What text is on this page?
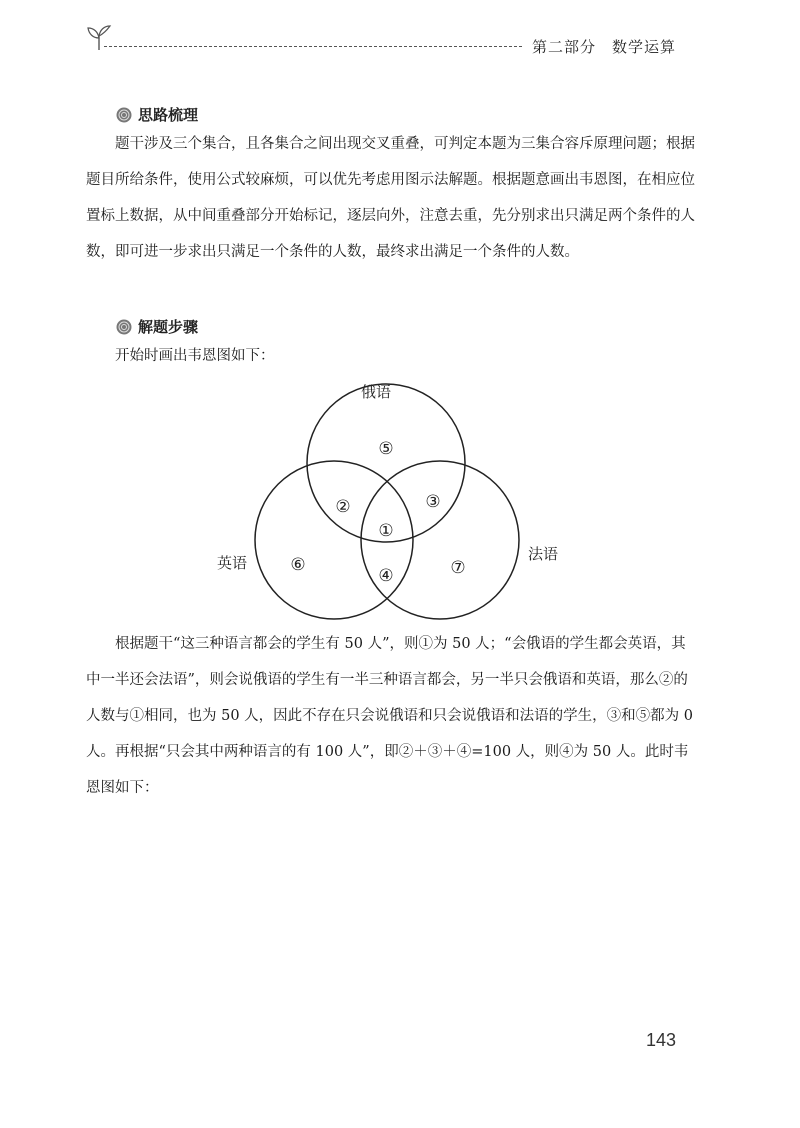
第二部分　数学运算
思路梳理

题干涉及三个集合，且各集合之间出现交叉重叠，可判定本题为三集合容斥原理问题；根据题目所给条件，使用公式较麻烦，可以优先考虑用图示法解题。根据题意画出韦恩图，在相应位置标上数据，从中间重叠部分开始标记，逐层向外，注意去重，先分别求出只满足两个条件的人数，即可进一步求出只满足一个条件的人数，最终求出满足一个条件的人数。

解题步骤

开始时画出韦恩图如下：

俄语
英语	法语
⑤
②	③
①
⑥
④	⑦

根据题干“这三种语言都会的学生有 50 人”，则①为 50 人；“会俄语的学生都会英语，其中一半还会法语”，则会说俄语的学生有一半三种语言都会，另一半只会俄语和英语，那么②的人数与①相同，也为 50 人，因此不存在只会说俄语和只会说俄语和法语的学生，③和⑤都为 0 人。再根据“只会其中两种语言的有 100 人”，即②＋③＋④=100 人，则④为 50 人。此时韦恩图如下：

143
